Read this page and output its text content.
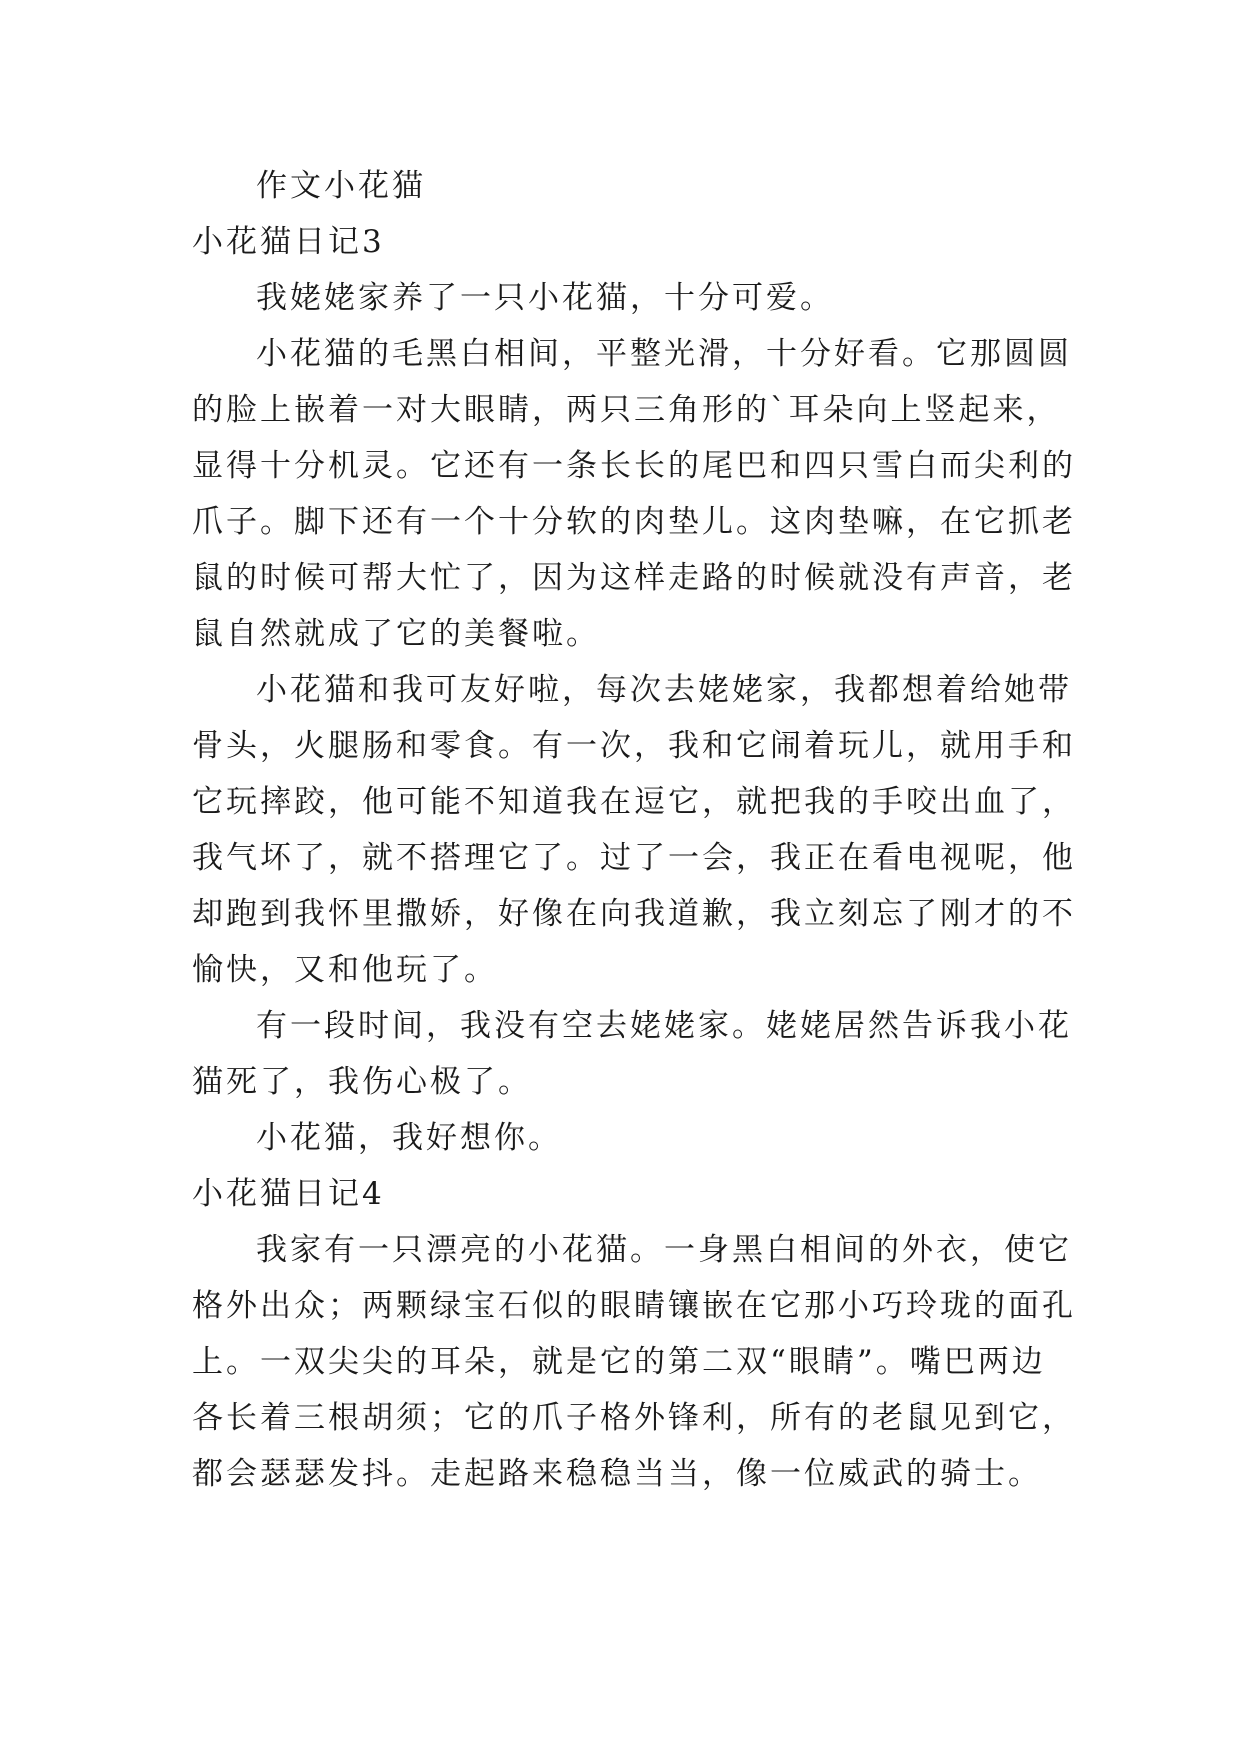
作文小花猫

小花猫日记3

我姥姥家养了一只小花猫，十分可爱。

小花猫的毛黑白相间，平整光滑，十分好看。它那圆圆

的脸上嵌着一对大眼睛，两只三角形的`耳朵向上竖起来，

显得十分机灵。它还有一条长长的尾巴和四只雪白而尖利的

爪子。脚下还有一个十分软的肉垫儿。这肉垫嘛，在它抓老

鼠的时候可帮大忙了，因为这样走路的时候就没有声音，老

鼠自然就成了它的美餐啦。

小花猫和我可友好啦，每次去姥姥家，我都想着给她带

骨头，火腿肠和零食。有一次，我和它闹着玩儿，就用手和

它玩摔跤，他可能不知道我在逗它，就把我的手咬出血了，

我气坏了，就不搭理它了。过了一会，我正在看电视呢，他

却跑到我怀里撒娇，好像在向我道歉，我立刻忘了刚才的不

愉快，又和他玩了。

有一段时间，我没有空去姥姥家。姥姥居然告诉我小花

猫死了，我伤心极了。

小花猫，我好想你。

小花猫日记4

我家有一只漂亮的小花猫。一身黑白相间的外衣，使它

格外出众；两颗绿宝石似的眼睛镶嵌在它那小巧玲珑的面孔

上。一双尖尖的耳朵，就是它的第二双“眼睛”。嘴巴两边

各长着三根胡须；它的爪子格外锋利，所有的老鼠见到它，

都会瑟瑟发抖。走起路来稳稳当当，像一位威武的骑士。
